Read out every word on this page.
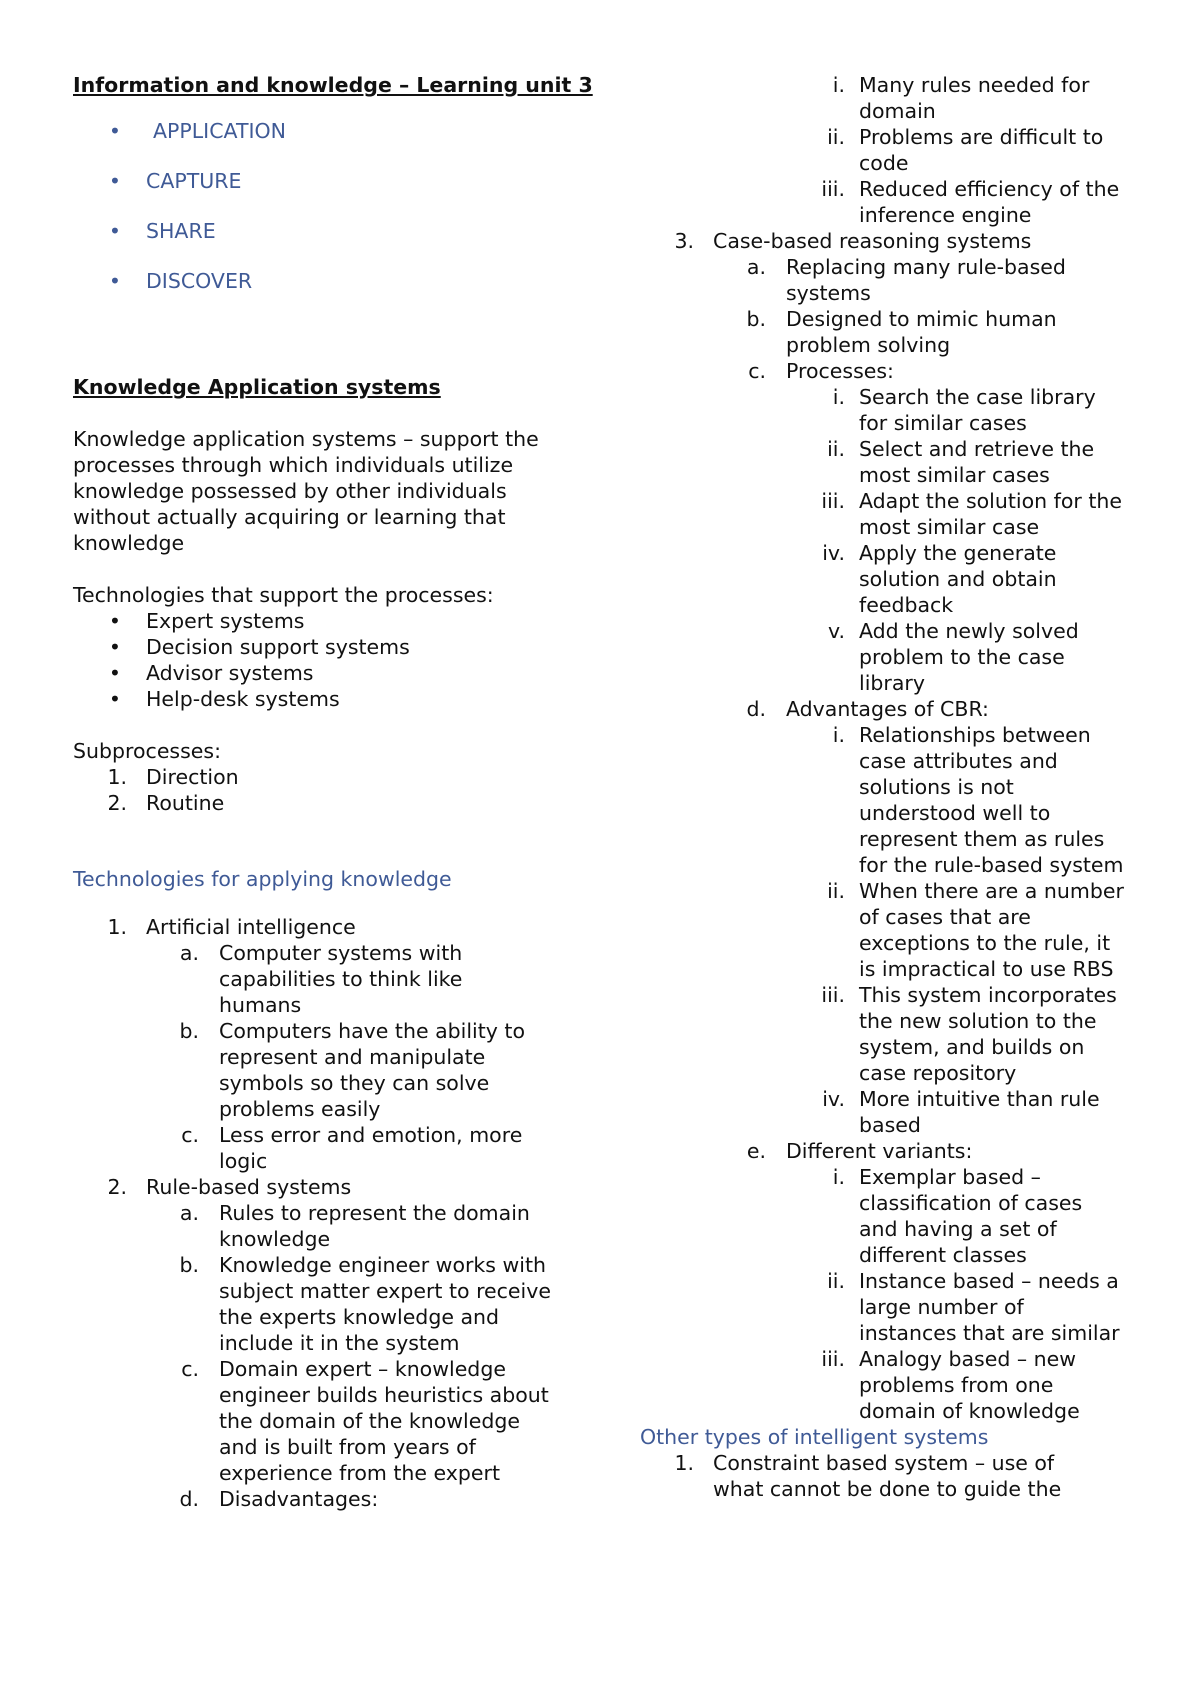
Information and knowledge – Learning unit 3

• APPLICATION
• CAPTURE
• SHARE
• DISCOVER

Knowledge Application systems

Knowledge application systems – support the processes through which individuals utilize knowledge possessed by other individuals without actually acquiring or learning that knowledge

Technologies that support the processes:

• Expert systems
• Decision support systems
• Advisor systems
• Help-desk systems

Subprocesses:

1. Direction
2. Routine

Technologies for applying knowledge

1. Artificial intelligence
a. Computer systems with capabilities to think like humans
b. Computers have the ability to represent and manipulate symbols so they can solve problems easily
c. Less error and emotion, more logic
2. Rule-based systems
a. Rules to represent the domain knowledge
b. Knowledge engineer works with subject matter expert to receive the experts knowledge and include it in the system
c. Domain expert – knowledge engineer builds heuristics about the domain of the knowledge and is built from years of experience from the expert
d. Disadvantages:
i. Many rules needed for domain
ii. Problems are difficult to code
iii. Reduced efficiency of the inference engine
3. Case-based reasoning systems
a. Replacing many rule-based systems
b. Designed to mimic human problem solving
c. Processes:
i. Search the case library for similar cases
ii. Select and retrieve the most similar cases
iii. Adapt the solution for the most similar case
iv. Apply the generate solution and obtain feedback
v. Add the newly solved problem to the case library
d. Advantages of CBR:
i. Relationships between case attributes and solutions is not understood well to represent them as rules for the rule-based system
ii. When there are a number of cases that are exceptions to the rule, it is impractical to use RBS
iii. This system incorporates the new solution to the system, and builds on case repository
iv. More intuitive than rule based
e. Different variants:
i. Exemplar based – classification of cases and having a set of different classes
ii. Instance based – needs a large number of instances that are similar
iii. Analogy based – new problems from one domain of knowledge

Other types of intelligent systems

1. Constraint based system – use of what cannot be done to guide the
